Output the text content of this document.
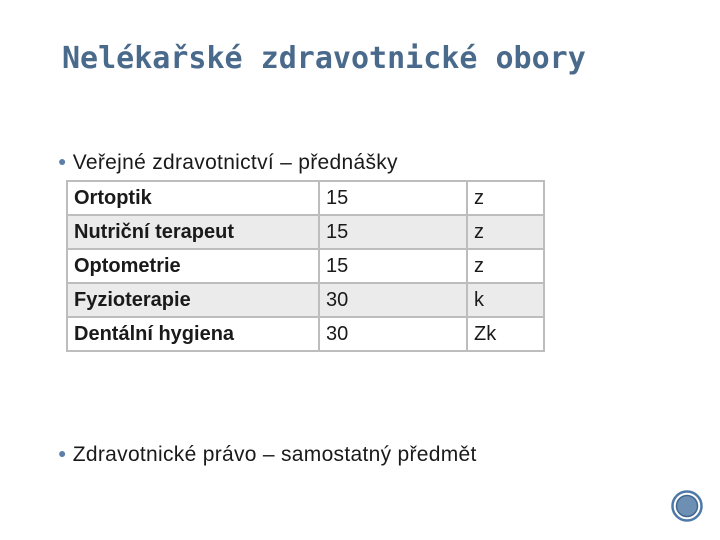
Nelékařské zdravotnické obory
● Veřejné zdravotnictví – přednášky
Ortoptik	15	z
Nutriční terapeut	15	z
Optometrie	15	z
Fyzioterapie	30	k
Dentální hygiena	30	Zk
● Zdravotnické právo – samostatný předmět
